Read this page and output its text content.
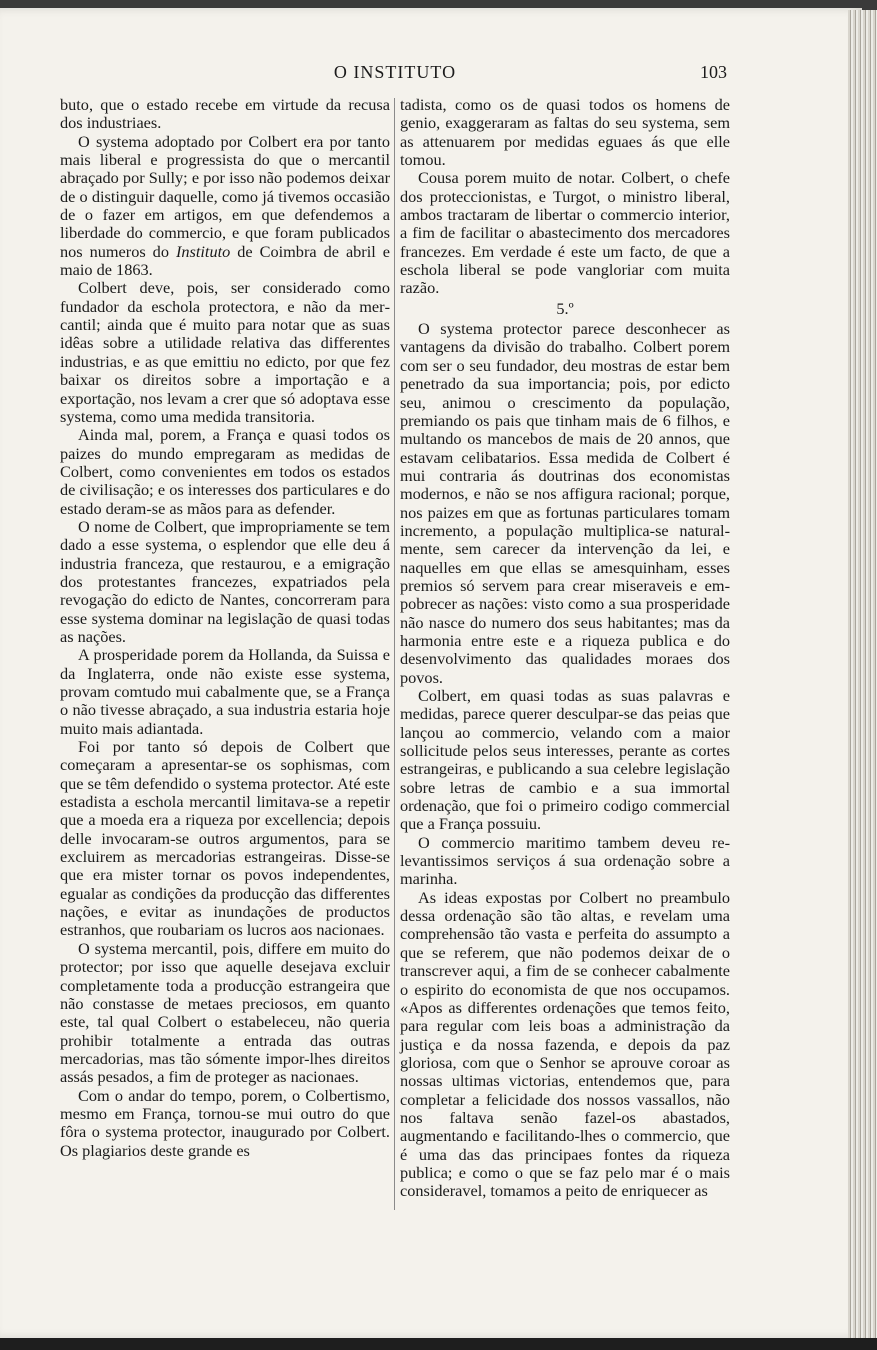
O INSTITUTO	103

buto, que o estado recebe em virtude da recusa dos industriaes.

O systema adoptado por Colbert era por tanto mais liberal e progressista do que o mercantil abraçado por Sully; e por isso não podemos deixar de o distinguir daquelle, como já tivemos occasião de o fazer em artigos, em que defendemos a liberdade do commercio, e que foram publicados nos numeros do Instituto de Coimbra de abril e maio de 1863.

Colbert deve, pois, ser considerado como fundador da eschola protectora, e não da mercantil; ainda que é muito para notar que as suas idêas sobre a utilidade relativa das differentes industrias, e as que emittiu no edicto, por que fez baixar os direitos sobre a importação e a exportação, nos levam a crer que só adoptava esse systema, como uma medida transitoria.

Ainda mal, porem, a França e quasi todos os paizes do mundo empregaram as medidas de Colbert, como convenientes em todos os estados de civilisação; e os interesses dos particulares e do estado deram-se as mãos para as defender.

O nome de Colbert, que impropriamente se tem dado a esse systema, o esplendor que elle deu á industria franceza, que restaurou, e a emigração dos protestantes francezes, expatriados pela revogação do edicto de Nantes, concorreram para esse systema dominar na legislação de quasi todas as nações.

A prosperidade porem da Hollanda, da Suissa e da Inglaterra, onde não existe esse systema, provam comtudo mui cabalmente que, se a França o não tivesse abraçado, a sua industria estaria hoje muito mais adiantada.

Foi por tanto só depois de Colbert que começaram a apresentar-se os sophismas, com que se têm defendido o systema protector. Até este estadista a eschola mercantil limitava-se a repetir que a moeda era a riqueza por excellencia; depois delle invocaram-se outros argumentos, para se excluirem as mercadorias estrangeiras. Disse-se que era mister tornar os povos independentes, egualar as condições da producção das differentes nações, e evitar as inundações de productos estranhos, que roubariam os lucros aos nacionaes.

O systema mercantil, pois, differe em muito do protector; por isso que aquelle desejava excluir completamente toda a producção estrangeira que não constasse de metaes preciosos, em quanto este, tal qual Colbert o estabeleceu, não queria prohibir totalmente a entrada das outras mercadorias, mas tão sómente impor-lhes direitos assás pesados, a fim de proteger as nacionaes.

Com o andar do tempo, porem, o Colbertismo, mesmo em França, tornou-se mui outro do que fôra o systema protector, inaugurado por Colbert. Os plagiarios deste grande es

tadista, como os de quasi todos os homens de genio, exaggeraram as faltas do seu systema, sem as attenuarem por medidas eguaes ás que elle tomou.

Cousa porem muito de notar. Colbert, o chefe dos proteccionistas, e Turgot, o ministro liberal, ambos tractaram de libertar o commercio interior, a fim de facilitar o abastecimento dos mercadores francezes. Em verdade é este um facto, de que a eschola liberal se pode vangloriar com muita razão.

5.º

O systema protector parece desconhecer as vantagens da divisão do trabalho. Colbert porem com ser o seu fundador, deu mostras de estar bem penetrado da sua importancia; pois, por edicto seu, animou o crescimento da população, premiando os pais que tinham mais de 6 filhos, e multando os mancebos de mais de 20 annos, que estavam celibatarios. Essa medida de Colbert é mui contraria ás doutrinas dos economistas modernos, e não se nos affigura racional; porque, nos paizes em que as fortunas particulares tomam incremento, a população multiplica-se naturalmente, sem carecer da intervenção da lei, e naquelles em que ellas se amesquinham, esses premios só servem para crear miseraveis e empobrecer as nações: visto como a sua prosperidade não nasce do numero dos seus habitantes; mas da harmonia entre este e a riqueza publica e do desenvolvimento das qualidades moraes dos povos.

Colbert, em quasi todas as suas palavras e medidas, parece querer desculpar-se das peias que lançou ao commercio, velando com a maior sollicitude pelos seus interesses, perante as cortes estrangeiras, e publicando a sua celebre legislação sobre letras de cambio e a sua immortal ordenação, que foi o primeiro codigo commercial que a França possuiu.

O commercio maritimo tambem deveu relevantissimos serviços á sua ordenação sobre a marinha.

As ideas expostas por Colbert no preambulo dessa ordenação são tão altas, e revelam uma comprehensão tão vasta e perfeita do assumpto a que se referem, que não podemos deixar de o transcrever aqui, a fim de se conhecer cabalmente o espirito do economista de que nos occupamos. «Apos as differentes ordenações que temos feito, para regular com leis boas a administração da justiça e da nossa fazenda, e depois da paz gloriosa, com que o Senhor se aprouve coroar as nossas ultimas victorias, entendemos que, para completar a felicidade dos nossos vassallos, não nos faltava senão fazel-os abastados, augmentando e facilitando-lhes o commercio, que é uma das das principaes fontes da riqueza publica; e como o que se faz pelo mar é o mais consideravel, tomamos a peito de enriquecer as
